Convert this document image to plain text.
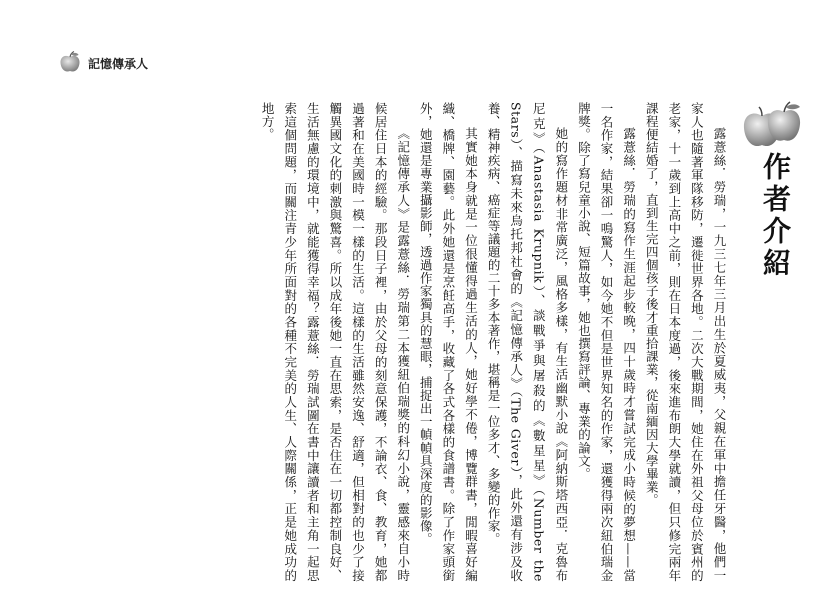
記憶傳承人
作者介紹

露薏絲．勞瑞，一九三七年三月出生於夏威夷，父親在軍中擔任牙醫，他們一家人也隨著軍隊移防，遷徙世界各地。二次大戰期間，她住在外祖父母位於賓州的老家，十一歲到上高中之前，則在日本度過，後來進布朗大學就讀，但只修完兩年課程便結婚了，直到生完四個孩子後才重拾課業，從南緬因大學畢業。

露薏絲．勞瑞的寫作生涯起步較晚，四十歲時才嘗試完成小時候的夢想——當一名作家，結果卻一鳴驚人，如今她不但是世界知名的作家，還獲得兩次紐伯瑞金牌獎。除了寫兒童小說、短篇故事，她也撰寫評論、專業的論文。

她的寫作題材非常廣泛，風格多樣，有生活幽默小說《阿納斯塔西亞．克魯布尼克》（Anastasia Krupnik）、談戰爭與屠殺的《數星星》（Number the Stars）、描寫未來烏托邦社會的《記憶傳承人》（The Giver），此外還有涉及收養、精神疾病、癌症等議題的二十多本著作，堪稱是一位多才、多變的作家。

其實她本身就是一位很懂得過生活的人，她好學不倦，博覽群書，閒暇喜好編織、橋牌、園藝。此外她還是烹飪高手，收藏了各式各樣的食譜書。除了作家頭銜外，她還是專業攝影師，透過作家獨具的慧眼，捕捉出一幀幀具深度的影像。

《記憶傳承人》是露薏絲．勞瑞第二本獲紐伯瑞獎的科幻小說，靈感來自小時候居住日本的經驗。那段日子裡，由於父母的刻意保護，不論衣、食、教育，她都過著和在美國時一模一樣的生活。這樣的生活雖然安逸、舒適，但相對的也少了接觸異國文化的刺激與驚喜。所以成年後她一直在思索，是否住在一切都控制良好、生活無慮的環境中，就能獲得幸福？露薏絲．勞瑞試圖在書中讓讀者和主角一起思索這個問題，而關注青少年所面對的各種不完美的人生、人際關係，正是她成功的地方。
